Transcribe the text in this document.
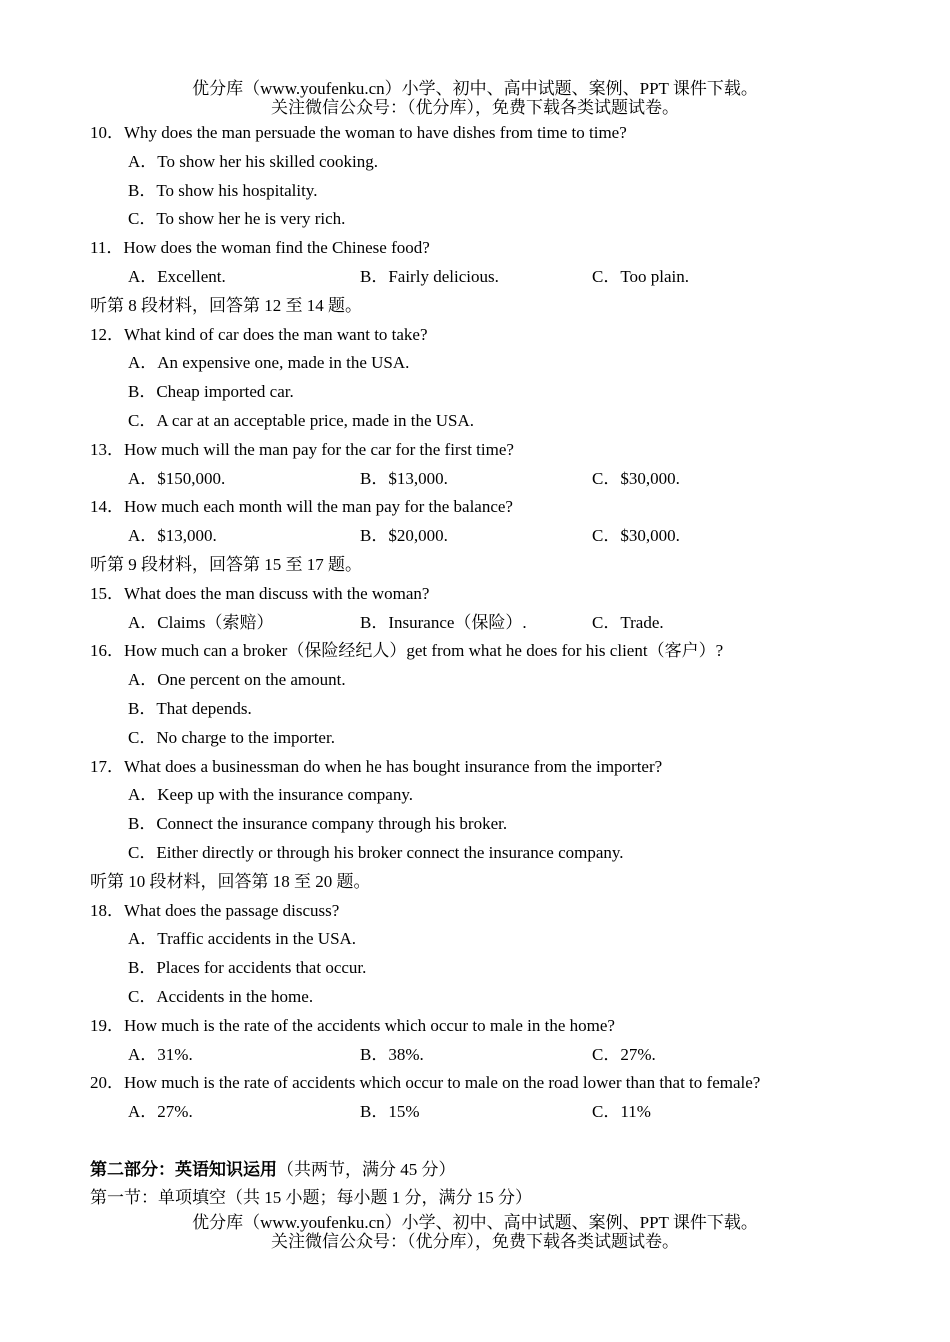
优分库（www.youfenku.cn）小学、初中、高中试题、案例、PPT 课件下载。
关注微信公众号：（优分库），免费下载各类试题试卷。
10．Why does the man persuade the woman to have dishes from time to time?
A．To show her his skilled cooking.
B．To show his hospitality.
C．To show her he is very rich.
11．How does the woman find the Chinese food?
A．Excellent.	B．Fairly delicious.	C．Too plain.
听第 8 段材料，回答第 12 至 14 题。
12．What kind of car does the man want to take?
A．An expensive one, made in the USA.
B．Cheap imported car.
C．A car at an acceptable price, made in the USA.
13．How much will the man pay for the car for the first time?
A．$150,000.	B．$13,000.	C．$30,000.
14．How much each month will the man pay for the balance?
A．$13,000.	B．$20,000.	C．$30,000.
听第 9 段材料，回答第 15 至 17 题。
15．What does the man discuss with the woman?
A．Claims（索赔）	B．Insurance（保险）.	C．Trade.
16．How much can a broker（保险经纪人）get from what he does for his client（客户）?
A．One percent on the amount.
B．That depends.
C．No charge to the importer.
17．What does a businessman do when he has bought insurance from the importer?
A．Keep up with the insurance company.
B．Connect the insurance company through his broker.
C．Either directly or through his broker connect the insurance company.
听第 10 段材料，回答第 18 至 20 题。
18．What does the passage discuss?
A．Traffic accidents in the USA.
B．Places for accidents that occur.
C．Accidents in the home.
19．How much is the rate of the accidents which occur to male in the home?
A．31%.	B．38%.	C．27%.
20．How much is the rate of accidents which occur to male on the road lower than that to female?
A．27%.	B．15%	C．11%
第二部分：英语知识运用（共两节，满分 45 分）
第一节：单项填空（共 15 小题；每小题 1 分，满分 15 分）
优分库（www.youfenku.cn）小学、初中、高中试题、案例、PPT 课件下载。
关注微信公众号：（优分库），免费下载各类试题试卷。
